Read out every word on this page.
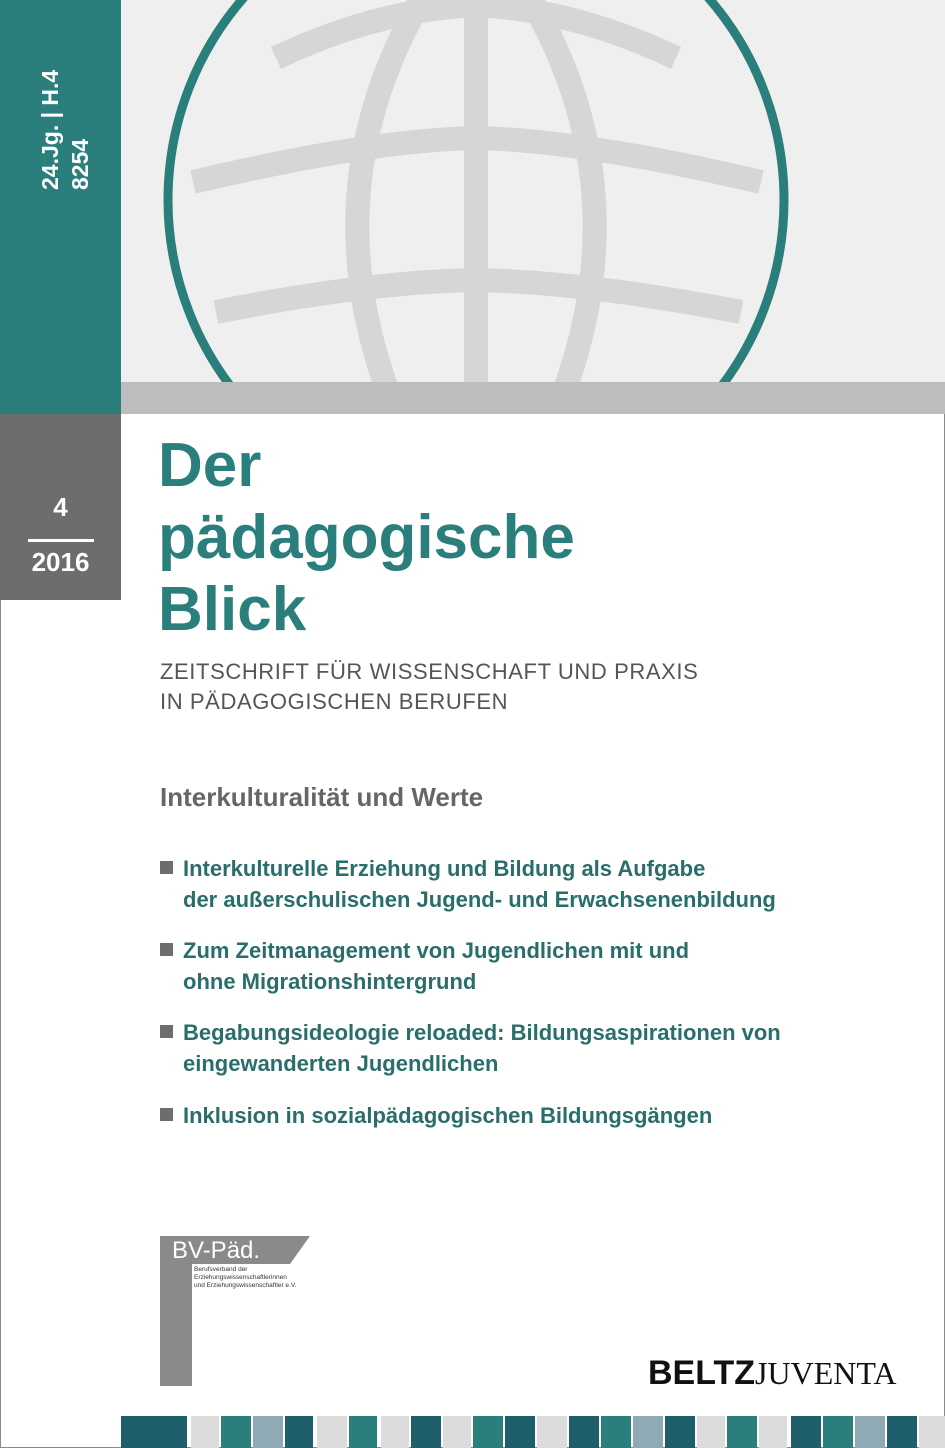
24.Jg. | H.4 8254
4
2016
Der
pädagogische
Blick
ZEITSCHRIFT FÜR WISSENSCHAFT UND PRAXIS
IN PÄDAGOGISCHEN BERUFEN
Interkulturalität und Werte
Interkulturelle Erziehung und Bildung als Aufgabe
der außerschulischen Jugend- und Erwachsenenbildung
Zum Zeitmanagement von Jugendlichen mit und
ohne Migrationshintergrund
Begabungsideologie reloaded: Bildungsaspirationen von
eingewanderten Jugendlichen
Inklusion in sozialpädagogischen Bildungsgängen
BV-Päd.
Berufsverband der
Erziehungswissenschaftlerinnen
und Erziehungswissenschaftler e.V.
BELTZJUVENTA
